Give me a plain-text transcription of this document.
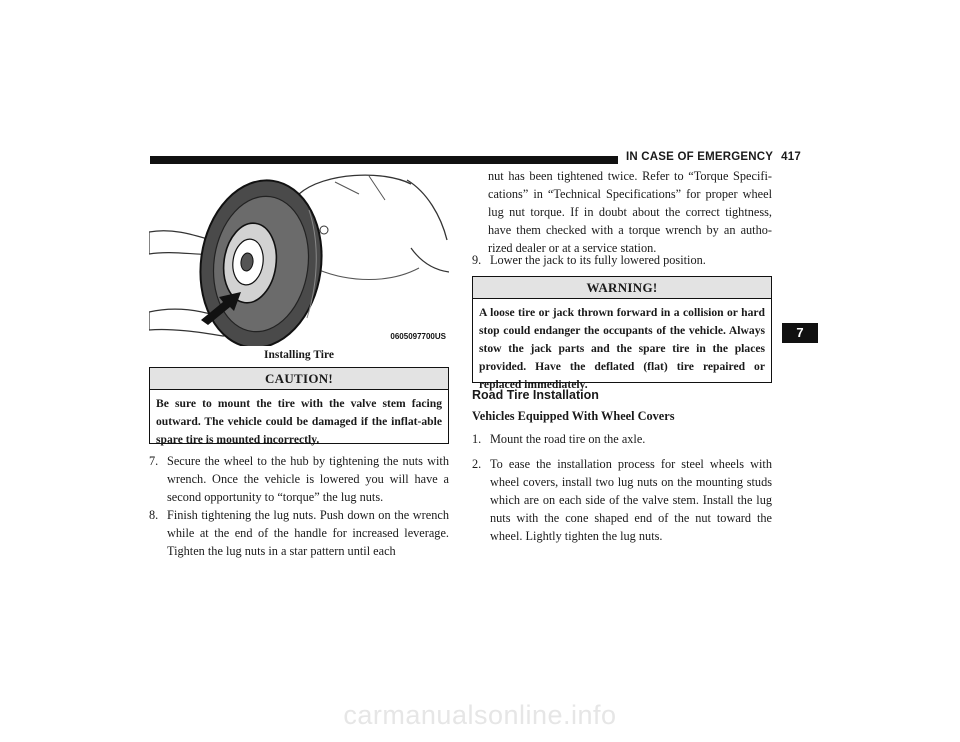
IN CASE OF EMERGENCY 417
0605097700US
Installing Tire
CAUTION!
Be sure to mount the tire with the valve stem facing outward. The vehicle could be damaged if the inflat-able spare tire is mounted incorrectly.
7. Secure the wheel to the hub by tightening the nuts with wrench. Once the vehicle is lowered you will have a second opportunity to “torque” the lug nuts.
8. Finish tightening the lug nuts. Push down on the wrench while at the end of the handle for increased leverage. Tighten the lug nuts in a star pattern until each
nut has been tightened twice. Refer to “Torque Specifi-cations” in “Technical Specifications” for proper wheel lug nut torque. If in doubt about the correct tightness, have them checked with a torque wrench by an autho-rized dealer or at a service station.
9. Lower the jack to its fully lowered position.
WARNING!
A loose tire or jack thrown forward in a collision or hard stop could endanger the occupants of the vehicle. Always stow the jack parts and the spare tire in the places provided. Have the deflated (flat) tire repaired or replaced immediately.
Road Tire Installation
Vehicles Equipped With Wheel Covers
1. Mount the road tire on the axle.
2. To ease the installation process for steel wheels with wheel covers, install two lug nuts on the mounting studs which are on each side of the valve stem. Install the lug nuts with the cone shaped end of the nut toward the wheel. Lightly tighten the lug nuts.
7
carmanualsonline.info
